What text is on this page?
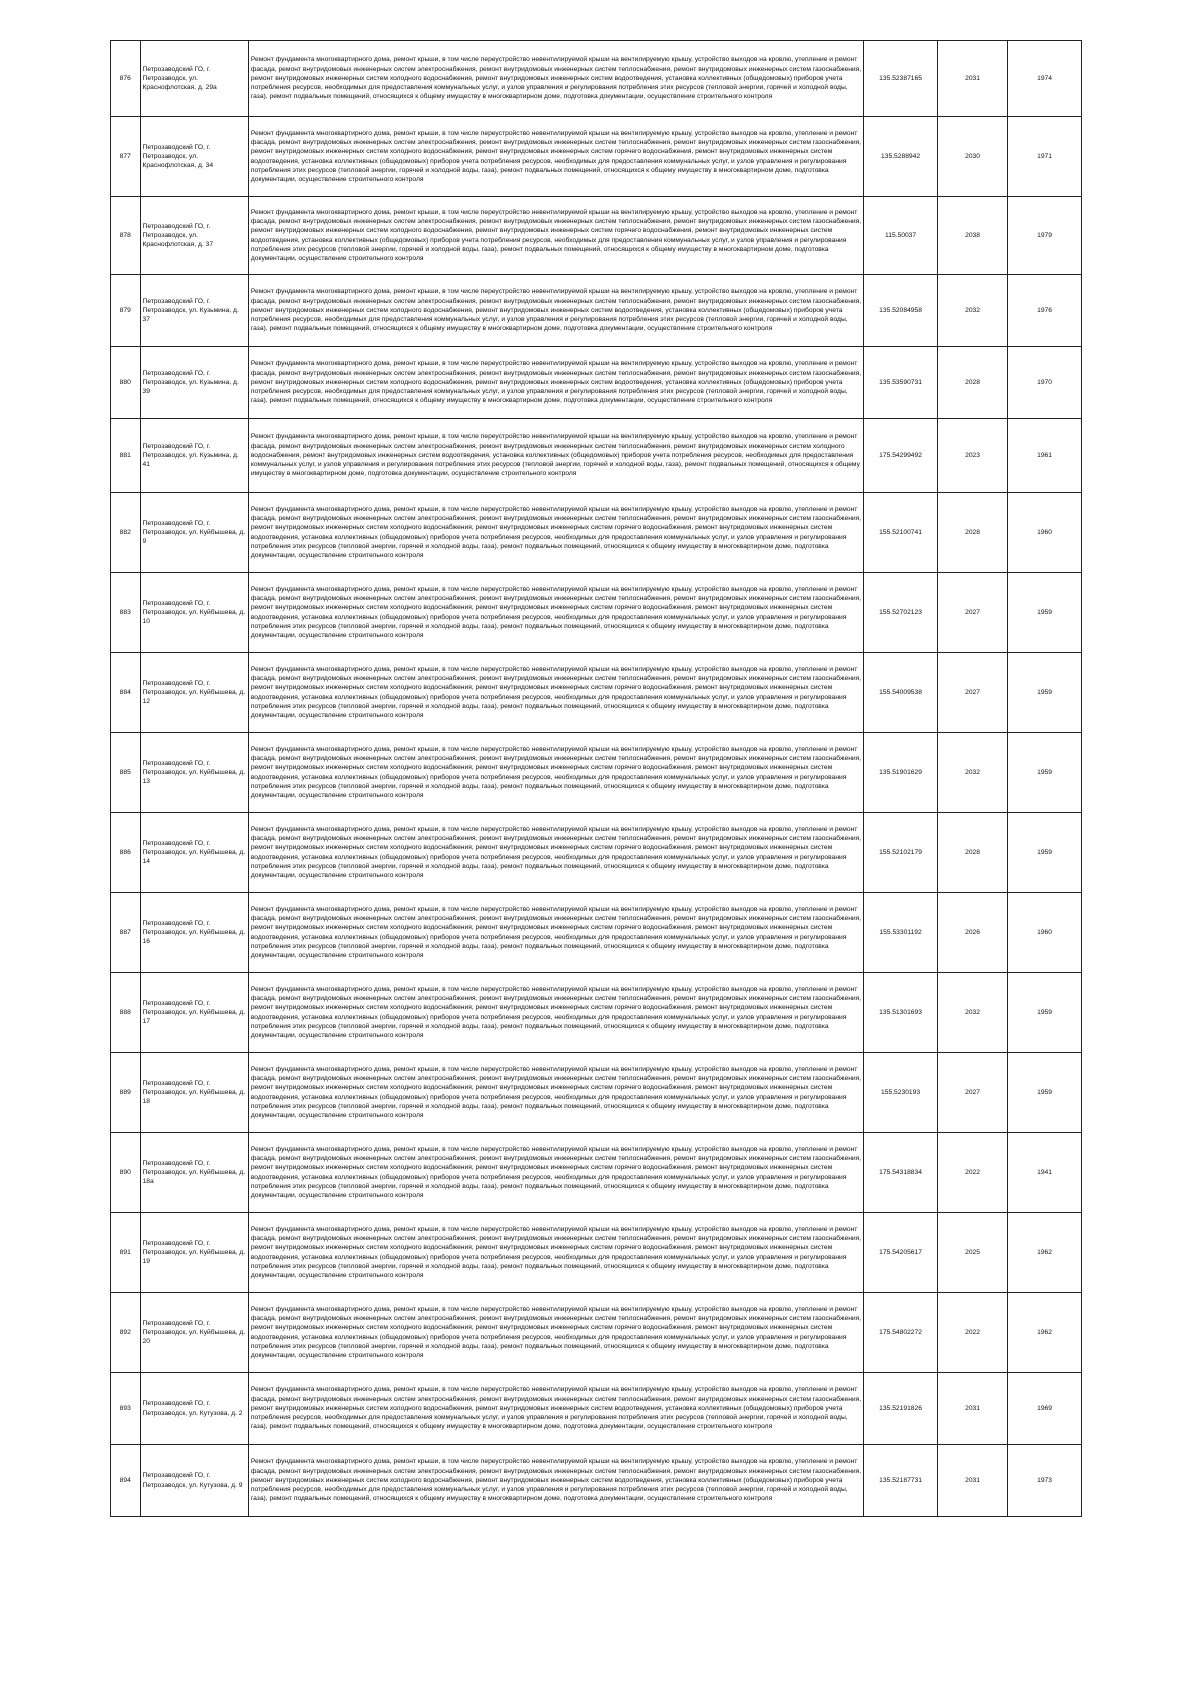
876	Петрозаводский ГО, г. Петрозаводск, ул. Краснофлотская, д. 29а	Ремонт фундамента многоквартирного дома, ремонт крыши, в том числе переустройство невентилируемой крыши на вентилируемую крышу, устройство выходов на кровлю, утепление и ремонт фасада, ремонт внутридомовых инженерных систем электроснабжения, ремонт внутридомовых инженерных систем теплоснабжения, ремонт внутридомовых инженерных систем газоснабжения, ремонт внутридомовых инженерных систем холодного водоснабжения, ремонт внутридомовых инженерных систем водоотведения, установка коллективных (общедомовых) приборов учета потребления ресурсов, необходимых для предоставления коммунальных услуг, и узлов управления и регулирования потребления этих ресурсов (тепловой энергии, горячей и холодной воды, газа), ремонт подвальных помещений, относящихся к общему имуществу в многоквартирном доме, подготовка документации, осуществление строительного контроля	135.52387165	2031	1974
877	Петрозаводский ГО, г. Петрозаводск, ул. Краснофлотская, д. 34	Ремонт фундамента многоквартирного дома, ремонт крыши, в том числе переустройство невентилируемой крыши на вентилируемую крышу, устройство выходов на кровлю, утепление и ремонт фасада, ремонт внутридомовых инженерных систем электроснабжения, ремонт внутридомовых инженерных систем теплоснабжения, ремонт внутридомовых инженерных систем газоснабжения, ремонт внутридомовых инженерных систем холодного водоснабжения, ремонт внутридомовых инженерных систем горячего водоснабжения, ремонт внутридомовых инженерных систем водоотведения, установка коллективных (общедомовых) приборов учета потребления ресурсов, необходимых для предоставления коммунальных услуг, и узлов управления и регулирования потребления этих ресурсов (тепловой энергии, горячей и холодной воды, газа), ремонт подвальных помещений, относящихся к общему имуществу в многоквартирном доме, подготовка документации, осуществление строительного контроля	135.5288942	2030	1971
878	Петрозаводский ГО, г. Петрозаводск, ул. Краснофлотская, д. 37	Ремонт фундамента многоквартирного дома, ремонт крыши, в том числе переустройство невентилируемой крыши на вентилируемую крышу, устройство выходов на кровлю, утепление и ремонт фасада, ремонт внутридомовых инженерных систем электроснабжения, ремонт внутридомовых инженерных систем теплоснабжения, ремонт внутридомовых инженерных систем газоснабжения, ремонт внутридомовых инженерных систем холодного водоснабжения, ремонт внутридомовых инженерных систем горячего водоснабжения, ремонт внутридомовых инженерных систем водоотведения, установка коллективных (общедомовых) приборов учета потребления ресурсов, необходимых для предоставления коммунальных услуг, и узлов управления и регулирования потребления этих ресурсов (тепловой энергии, горячей и холодной воды, газа), ремонт подвальных помещений, относящихся к общему имуществу в многоквартирном доме, подготовка документации, осуществление строительного контроля	115.50037	2038	1979
879	Петрозаводский ГО, г. Петрозаводск, ул. Кузьмина, д. 37	Ремонт фундамента многоквартирного дома, ремонт крыши, в том числе переустройство невентилируемой крыши на вентилируемую крышу, устройство выходов на кровлю, утепление и ремонт фасада, ремонт внутридомовых инженерных систем электроснабжения, ремонт внутридомовых инженерных систем теплоснабжения, ремонт внутридомовых инженерных систем газоснабжения, ремонт внутридомовых инженерных систем холодного водоснабжения, ремонт внутридомовых инженерных систем водоотведения, установка коллективных (общедомовых) приборов учета потребления ресурсов, необходимых для предоставления коммунальных услуг, и узлов управления и регулирования потребления этих ресурсов (тепловой энергии, горячей и холодной воды, газа), ремонт подвальных помещений, относящихся к общему имуществу в многоквартирном доме, подготовка документации, осуществление строительного контроля	135.52084958	2032	1976
880	Петрозаводский ГО, г. Петрозаводск, ул. Кузьмина, д. 39	Ремонт фундамента многоквартирного дома, ремонт крыши, в том числе переустройство невентилируемой крыши на вентилируемую крышу, устройство выходов на кровлю, утепление и ремонт фасада, ремонт внутридомовых инженерных систем электроснабжения, ремонт внутридомовых инженерных систем теплоснабжения, ремонт внутридомовых инженерных систем газоснабжения, ремонт внутридомовых инженерных систем холодного водоснабжения, ремонт внутридомовых инженерных систем водоотведения, установка коллективных (общедомовых) приборов учета потребления ресурсов, необходимых для предоставления коммунальных услуг, и узлов управления и регулирования потребления этих ресурсов (тепловой энергии, горячей и холодной воды, газа), ремонт подвальных помещений, относящихся к общему имуществу в многоквартирном доме, подготовка документации, осуществление строительного контроля	135.53590731	2028	1970
881	Петрозаводский ГО, г. Петрозаводск, ул. Кузьмина, д. 41	Ремонт фундамента многоквартирного дома, ремонт крыши, в том числе переустройство невентилируемой крыши на вентилируемую крышу, устройство выходов на кровлю, утепление и ремонт фасада, ремонт внутридомовых инженерных систем электроснабжения, ремонт внутридомовых инженерных систем теплоснабжения, ремонт внутридомовых инженерных систем холодного водоснабжения, ремонт внутридомовых инженерных систем водоотведения, установка коллективных (общедомовых) приборов учета потребления ресурсов, необходимых для предоставления коммунальных услуг, и узлов управления и регулирования потребления этих ресурсов (тепловой энергии, горячей и холодной воды, газа), ремонт подвальных помещений, относящихся к общему имуществу в многоквартирном доме, подготовка документации, осуществление строительного контроля	175.54299492	2023	1961
882	Петрозаводский ГО, г. Петрозаводск, ул. Куйбышева, д. 9	Ремонт фундамента многоквартирного дома, ремонт крыши, в том числе переустройство невентилируемой крыши на вентилируемую крышу, устройство выходов на кровлю, утепление и ремонт фасада, ремонт внутридомовых инженерных систем электроснабжения, ремонт внутридомовых инженерных систем теплоснабжения, ремонт внутридомовых инженерных систем газоснабжения, ремонт внутридомовых инженерных систем холодного водоснабжения, ремонт внутридомовых инженерных систем горячего водоснабжения, ремонт внутридомовых инженерных систем водоотведения, установка коллективных (общедомовых) приборов учета потребления ресурсов, необходимых для предоставления коммунальных услуг, и узлов управления и регулирования потребления этих ресурсов (тепловой энергии, горячей и холодной воды, газа), ремонт подвальных помещений, относящихся к общему имуществу в многоквартирном доме, подготовка документации, осуществление строительного контроля	155.52100741	2028	1960
883	Петрозаводский ГО, г. Петрозаводск, ул. Куйбышева, д. 10	Ремонт фундамента многоквартирного дома, ремонт крыши, в том числе переустройство невентилируемой крыши на вентилируемую крышу, устройство выходов на кровлю, утепление и ремонт фасада, ремонт внутридомовых инженерных систем электроснабжения, ремонт внутридомовых инженерных систем теплоснабжения, ремонт внутридомовых инженерных систем газоснабжения, ремонт внутридомовых инженерных систем холодного водоснабжения, ремонт внутридомовых инженерных систем горячего водоснабжения, ремонт внутридомовых инженерных систем водоотведения, установка коллективных (общедомовых) приборов учета потребления ресурсов, необходимых для предоставления коммунальных услуг, и узлов управления и регулирования потребления этих ресурсов (тепловой энергии, горячей и холодной воды, газа), ремонт подвальных помещений, относящихся к общему имуществу в многоквартирном доме, подготовка документации, осуществление строительного контроля	155.52702123	2027	1959
884	Петрозаводский ГО, г. Петрозаводск, ул. Куйбышева, д. 12	Ремонт фундамента многоквартирного дома, ремонт крыши, в том числе переустройство невентилируемой крыши на вентилируемую крышу, устройство выходов на кровлю, утепление и ремонт фасада, ремонт внутридомовых инженерных систем электроснабжения, ремонт внутридомовых инженерных систем теплоснабжения, ремонт внутридомовых инженерных систем газоснабжения, ремонт внутридомовых инженерных систем холодного водоснабжения, ремонт внутридомовых инженерных систем горячего водоснабжения, ремонт внутридомовых инженерных систем водоотведения, установка коллективных (общедомовых) приборов учета потребления ресурсов, необходимых для предоставления коммунальных услуг, и узлов управления и регулирования потребления этих ресурсов (тепловой энергии, горячей и холодной воды, газа), ремонт подвальных помещений, относящихся к общему имуществу в многоквартирном доме, подготовка документации, осуществление строительного контроля	155.54009538	2027	1959
885	Петрозаводский ГО, г. Петрозаводск, ул. Куйбышева, д. 13	Ремонт фундамента многоквартирного дома, ремонт крыши, в том числе переустройство невентилируемой крыши на вентилируемую крышу, устройство выходов на кровлю, утепление и ремонт фасада, ремонт внутридомовых инженерных систем электроснабжения, ремонт внутридомовых инженерных систем теплоснабжения, ремонт внутридомовых инженерных систем газоснабжения, ремонт внутридомовых инженерных систем холодного водоснабжения, ремонт внутридомовых инженерных систем горячего водоснабжения, ремонт внутридомовых инженерных систем водоотведения, установка коллективных (общедомовых) приборов учета потребления ресурсов, необходимых для предоставления коммунальных услуг, и узлов управления и регулирования потребления этих ресурсов (тепловой энергии, горячей и холодной воды, газа), ремонт подвальных помещений, относящихся к общему имуществу в многоквартирном доме, подготовка документации, осуществление строительного контроля	135.51901629	2032	1959
886	Петрозаводский ГО, г. Петрозаводск, ул. Куйбышева, д. 14	Ремонт фундамента многоквартирного дома, ремонт крыши, в том числе переустройство невентилируемой крыши на вентилируемую крышу, устройство выходов на кровлю, утепление и ремонт фасада, ремонт внутридомовых инженерных систем электроснабжения, ремонт внутридомовых инженерных систем теплоснабжения, ремонт внутридомовых инженерных систем газоснабжения, ремонт внутридомовых инженерных систем холодного водоснабжения, ремонт внутридомовых инженерных систем горячего водоснабжения, ремонт внутридомовых инженерных систем водоотведения, установка коллективных (общедомовых) приборов учета потребления ресурсов, необходимых для предоставления коммунальных услуг, и узлов управления и регулирования потребления этих ресурсов (тепловой энергии, горячей и холодной воды, газа), ремонт подвальных помещений, относящихся к общему имуществу в многоквартирном доме, подготовка документации, осуществление строительного контроля	155.52102179	2028	1959
887	Петрозаводский ГО, г. Петрозаводск, ул. Куйбышева, д. 16	Ремонт фундамента многоквартирного дома, ремонт крыши, в том числе переустройство невентилируемой крыши на вентилируемую крышу, устройство выходов на кровлю, утепление и ремонт фасада, ремонт внутридомовых инженерных систем электроснабжения, ремонт внутридомовых инженерных систем теплоснабжения, ремонт внутридомовых инженерных систем газоснабжения, ремонт внутридомовых инженерных систем холодного водоснабжения, ремонт внутридомовых инженерных систем горячего водоснабжения, ремонт внутридомовых инженерных систем водоотведения, установка коллективных (общедомовых) приборов учета потребления ресурсов, необходимых для предоставления коммунальных услуг, и узлов управления и регулирования потребления этих ресурсов (тепловой энергии, горячей и холодной воды, газа), ремонт подвальных помещений, относящихся к общему имуществу в многоквартирном доме, подготовка документации, осуществление строительного контроля	155.53301192	2026	1960
888	Петрозаводский ГО, г. Петрозаводск, ул. Куйбышева, д. 17	Ремонт фундамента многоквартирного дома, ремонт крыши, в том числе переустройство невентилируемой крыши на вентилируемую крышу, устройство выходов на кровлю, утепление и ремонт фасада, ремонт внутридомовых инженерных систем электроснабжения, ремонт внутридомовых инженерных систем теплоснабжения, ремонт внутридомовых инженерных систем газоснабжения, ремонт внутридомовых инженерных систем холодного водоснабжения, ремонт внутридомовых инженерных систем горячего водоснабжения, ремонт внутридомовых инженерных систем водоотведения, установка коллективных (общедомовых) приборов учета потребления ресурсов, необходимых для предоставления коммунальных услуг, и узлов управления и регулирования потребления этих ресурсов (тепловой энергии, горячей и холодной воды, газа), ремонт подвальных помещений, относящихся к общему имуществу в многоквартирном доме, подготовка документации, осуществление строительного контроля	135.51301693	2032	1959
889	Петрозаводский ГО, г. Петрозаводск, ул. Куйбышева, д. 18	Ремонт фундамента многоквартирного дома, ремонт крыши, в том числе переустройство невентилируемой крыши на вентилируемую крышу, устройство выходов на кровлю, утепление и ремонт фасада, ремонт внутридомовых инженерных систем электроснабжения, ремонт внутридомовых инженерных систем теплоснабжения, ремонт внутридомовых инженерных систем газоснабжения, ремонт внутридомовых инженерных систем холодного водоснабжения, ремонт внутридомовых инженерных систем горячего водоснабжения, ремонт внутридомовых инженерных систем водоотведения, установка коллективных (общедомовых) приборов учета потребления ресурсов, необходимых для предоставления коммунальных услуг, и узлов управления и регулирования потребления этих ресурсов (тепловой энергии, горячей и холодной воды, газа), ремонт подвальных помещений, относящихся к общему имуществу в многоквартирном доме, подготовка документации, осуществление строительного контроля	155.5230193	2027	1959
890	Петрозаводский ГО, г. Петрозаводск, ул. Куйбышева, д. 18а	Ремонт фундамента многоквартирного дома, ремонт крыши, в том числе переустройство невентилируемой крыши на вентилируемую крышу, устройство выходов на кровлю, утепление и ремонт фасада, ремонт внутридомовых инженерных систем электроснабжения, ремонт внутридомовых инженерных систем теплоснабжения, ремонт внутридомовых инженерных систем газоснабжения, ремонт внутридомовых инженерных систем холодного водоснабжения, ремонт внутридомовых инженерных систем горячего водоснабжения, ремонт внутридомовых инженерных систем водоотведения, установка коллективных (общедомовых) приборов учета потребления ресурсов, необходимых для предоставления коммунальных услуг, и узлов управления и регулирования потребления этих ресурсов (тепловой энергии, горячей и холодной воды, газа), ремонт подвальных помещений, относящихся к общему имуществу в многоквартирном доме, подготовка документации, осуществление строительного контроля	175.54318834	2022	1941
891	Петрозаводский ГО, г. Петрозаводск, ул. Куйбышева, д. 19	Ремонт фундамента многоквартирного дома, ремонт крыши, в том числе переустройство невентилируемой крыши на вентилируемую крышу, устройство выходов на кровлю, утепление и ремонт фасада, ремонт внутридомовых инженерных систем электроснабжения, ремонт внутридомовых инженерных систем теплоснабжения, ремонт внутридомовых инженерных систем газоснабжения, ремонт внутридомовых инженерных систем холодного водоснабжения, ремонт внутридомовых инженерных систем горячего водоснабжения, ремонт внутридомовых инженерных систем водоотведения, установка коллективных (общедомовых) приборов учета потребления ресурсов, необходимых для предоставления коммунальных услуг, и узлов управления и регулирования потребления этих ресурсов (тепловой энергии, горячей и холодной воды, газа), ремонт подвальных помещений, относящихся к общему имуществу в многоквартирном доме, подготовка документации, осуществление строительного контроля	175.54205617	2025	1962
892	Петрозаводский ГО, г. Петрозаводск, ул. Куйбышева, д. 20	Ремонт фундамента многоквартирного дома, ремонт крыши, в том числе переустройство невентилируемой крыши на вентилируемую крышу, устройство выходов на кровлю, утепление и ремонт фасада, ремонт внутридомовых инженерных систем электроснабжения, ремонт внутридомовых инженерных систем теплоснабжения, ремонт внутридомовых инженерных систем газоснабжения, ремонт внутридомовых инженерных систем холодного водоснабжения, ремонт внутридомовых инженерных систем горячего водоснабжения, ремонт внутридомовых инженерных систем водоотведения, установка коллективных (общедомовых) приборов учета потребления ресурсов, необходимых для предоставления коммунальных услуг, и узлов управления и регулирования потребления этих ресурсов (тепловой энергии, горячей и холодной воды, газа), ремонт подвальных помещений, относящихся к общему имуществу в многоквартирном доме, подготовка документации, осуществление строительного контроля	175.54802272	2022	1962
893	Петрозаводский ГО, г. Петрозаводск, ул. Кутузова, д. 2	Ремонт фундамента многоквартирного дома, ремонт крыши, в том числе переустройство невентилируемой крыши на вентилируемую крышу, устройство выходов на кровлю, утепление и ремонт фасада, ремонт внутридомовых инженерных систем электроснабжения, ремонт внутридомовых инженерных систем теплоснабжения, ремонт внутридомовых инженерных систем газоснабжения, ремонт внутридомовых инженерных систем холодного водоснабжения, ремонт внутридомовых инженерных систем водоотведения, установка коллективных (общедомовых) приборов учета потребления ресурсов, необходимых для предоставления коммунальных услуг, и узлов управления и регулирования потребления этих ресурсов (тепловой энергии, горячей и холодной воды, газа), ремонт подвальных помещений, относящихся к общему имуществу в многоквартирном доме, подготовка документации, осуществление строительного контроля	135.52191826	2031	1969
894	Петрозаводский ГО, г. Петрозаводск, ул. Кутузова, д. 9	Ремонт фундамента многоквартирного дома, ремонт крыши, в том числе переустройство невентилируемой крыши на вентилируемую крышу, устройство выходов на кровлю, утепление и ремонт фасада, ремонт внутридомовых инженерных систем электроснабжения, ремонт внутридомовых инженерных систем теплоснабжения, ремонт внутридомовых инженерных систем газоснабжения, ремонт внутридомовых инженерных систем холодного водоснабжения, ремонт внутридомовых инженерных систем водоотведения, установка коллективных (общедомовых) приборов учета потребления ресурсов, необходимых для предоставления коммунальных услуг, и узлов управления и регулирования потребления этих ресурсов (тепловой энергии, горячей и холодной воды, газа), ремонт подвальных помещений, относящихся к общему имуществу в многоквартирном доме, подготовка документации, осуществление строительного контроля	135.52187731	2031	1973
